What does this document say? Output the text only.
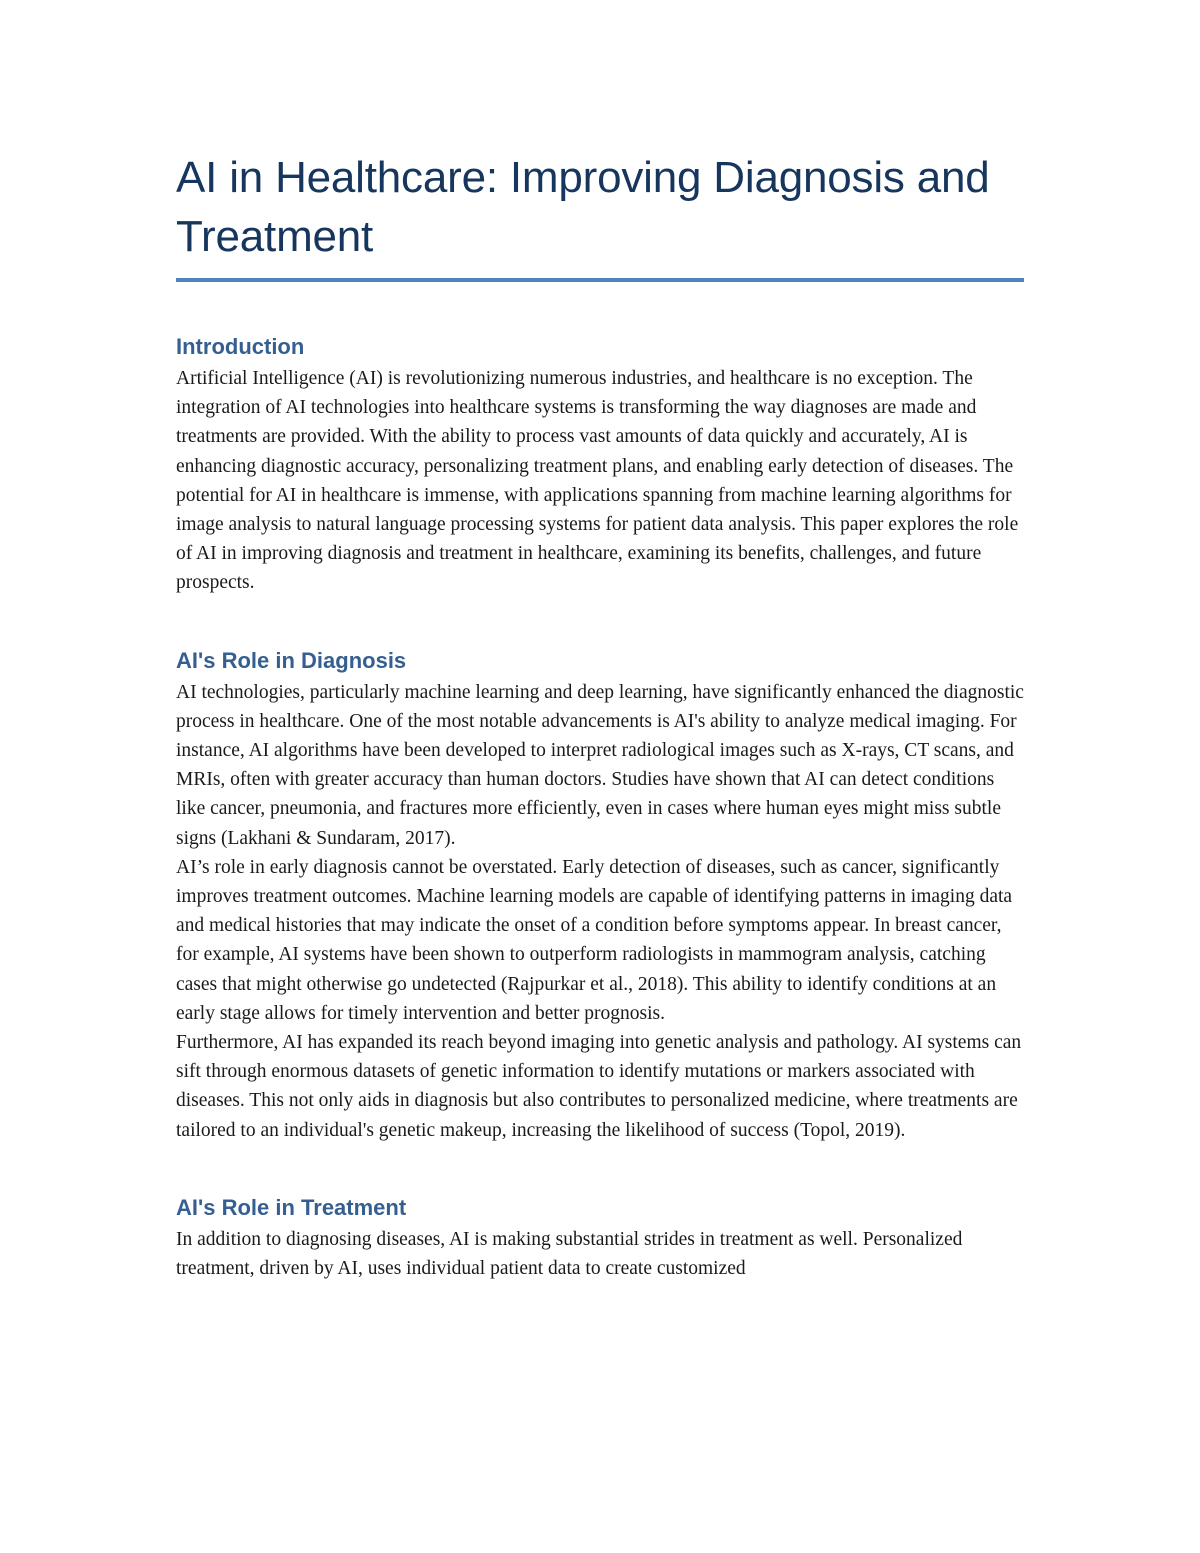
AI in Healthcare: Improving Diagnosis and Treatment
Introduction

Artificial Intelligence (AI) is revolutionizing numerous industries, and healthcare is no exception. The integration of AI technologies into healthcare systems is transforming the way diagnoses are made and treatments are provided. With the ability to process vast amounts of data quickly and accurately, AI is enhancing diagnostic accuracy, personalizing treatment plans, and enabling early detection of diseases. The potential for AI in healthcare is immense, with applications spanning from machine learning algorithms for image analysis to natural language processing systems for patient data analysis. This paper explores the role of AI in improving diagnosis and treatment in healthcare, examining its benefits, challenges, and future prospects.

AI's Role in Diagnosis

AI technologies, particularly machine learning and deep learning, have significantly enhanced the diagnostic process in healthcare. One of the most notable advancements is AI's ability to analyze medical imaging. For instance, AI algorithms have been developed to interpret radiological images such as X-rays, CT scans, and MRIs, often with greater accuracy than human doctors. Studies have shown that AI can detect conditions like cancer, pneumonia, and fractures more efficiently, even in cases where human eyes might miss subtle signs (Lakhani & Sundaram, 2017).

AI’s role in early diagnosis cannot be overstated. Early detection of diseases, such as cancer, significantly improves treatment outcomes. Machine learning models are capable of identifying patterns in imaging data and medical histories that may indicate the onset of a condition before symptoms appear. In breast cancer, for example, AI systems have been shown to outperform radiologists in mammogram analysis, catching cases that might otherwise go undetected (Rajpurkar et al., 2018). This ability to identify conditions at an early stage allows for timely intervention and better prognosis.

Furthermore, AI has expanded its reach beyond imaging into genetic analysis and pathology. AI systems can sift through enormous datasets of genetic information to identify mutations or markers associated with diseases. This not only aids in diagnosis but also contributes to personalized medicine, where treatments are tailored to an individual's genetic makeup, increasing the likelihood of success (Topol, 2019).

AI's Role in Treatment

In addition to diagnosing diseases, AI is making substantial strides in treatment as well. Personalized treatment, driven by AI, uses individual patient data to create customized
